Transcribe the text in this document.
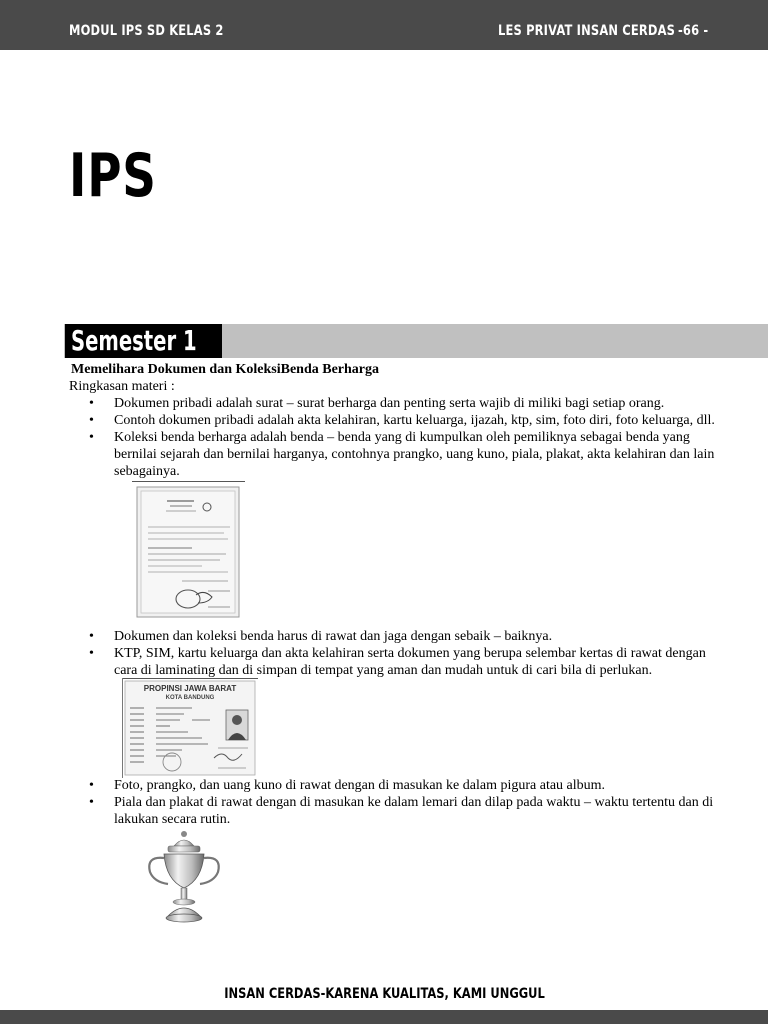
MODUL IPS SD KELAS 2	LES PRIVAT INSAN CERDAS -66 -
IPS
Semester 1
Memelihara Dokumen dan KoleksiBenda Berharga
Ringkasan materi :
• Dokumen pribadi adalah surat – surat berharga dan penting serta wajib di miliki bagi setiap orang.
• Contoh dokumen pribadi adalah akta kelahiran, kartu keluarga, ijazah, ktp, sim, foto diri, foto keluarga, dll.
• Koleksi benda berharga adalah benda – benda yang di kumpulkan oleh pemiliknya sebagai benda yang bernilai sejarah dan bernilai harganya, contohnya prangko, uang kuno, piala, plakat, akta kelahiran dan lain sebagainya.
• Dokumen dan koleksi benda harus di rawat dan jaga dengan sebaik – baiknya.
• KTP, SIM, kartu keluarga dan akta kelahiran serta dokumen yang berupa selembar kertas di rawat dengan cara di laminating dan di simpan di tempat yang aman dan mudah untuk di cari bila di perlukan.
PROPINSI JAWA BARAT
KOTA BANDUNG
• Foto, prangko, dan uang kuno di rawat dengan di masukan ke dalam pigura atau album.
• Piala dan plakat di rawat dengan di masukan ke dalam lemari dan dilap pada waktu – waktu tertentu dan di lakukan secara rutin.
INSAN CERDAS-KARENA KUALITAS, KAMI UNGGUL
